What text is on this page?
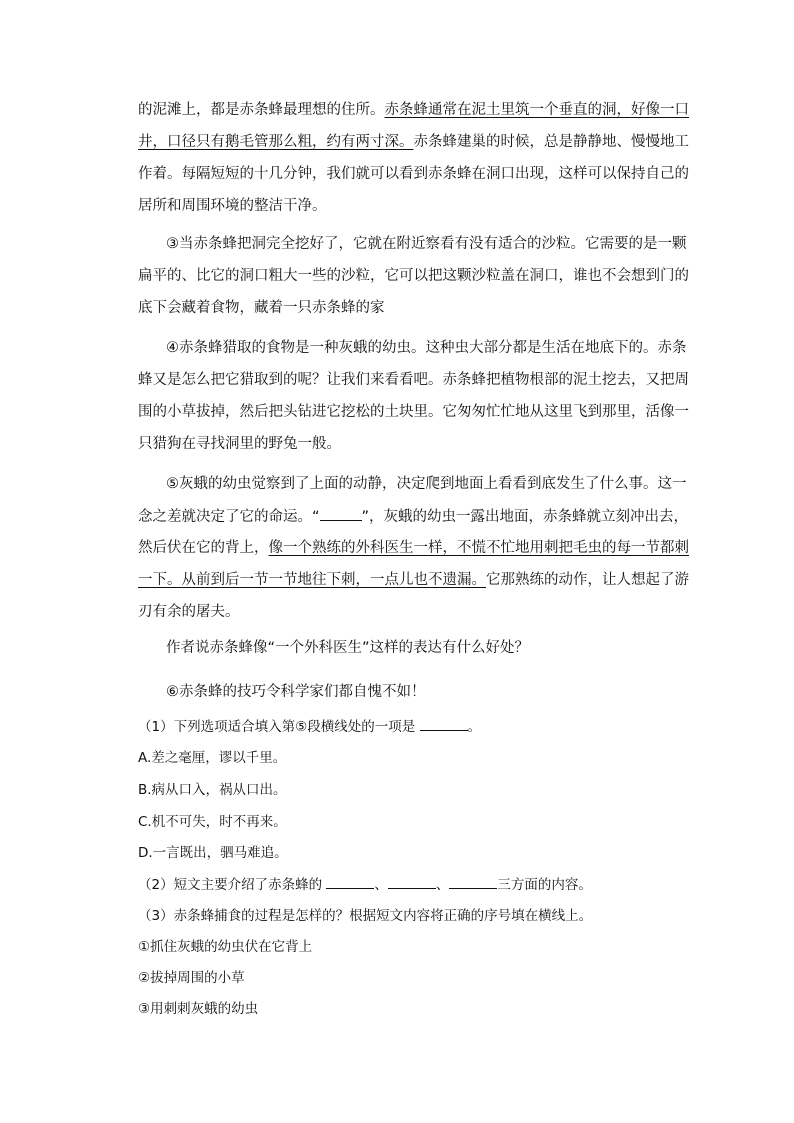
的泥滩上，都是赤条蜂最理想的住所。赤条蜂通常在泥土里筑一个垂直的洞，好像一口
井，口径只有鹅毛管那么粗，约有两寸深。赤条蜂建巢的时候，总是静静地、慢慢地工
作着。每隔短短的十几分钟，我们就可以看到赤条蜂在洞口出现，这样可以保持自己的
居所和周围环境的整洁干净。
③当赤条蜂把洞完全挖好了，它就在附近察看有没有适合的沙粒。它需要的是一颗
扁平的、比它的洞口粗大一些的沙粒，它可以把这颗沙粒盖在洞口，谁也不会想到门的
底下会藏着食物，藏着一只赤条蜂的家
④赤条蜂猎取的食物是一种灰蛾的幼虫。这种虫大部分都是生活在地底下的。赤条
蜂又是怎么把它猎取到的呢？让我们来看看吧。赤条蜂把植物根部的泥土挖去，又把周
围的小草拔掉，然后把头钻进它挖松的土块里。它匆匆忙忙地从这里飞到那里，活像一
只猎狗在寻找洞里的野兔一般。
⑤灰蛾的幼虫觉察到了上面的动静，决定爬到地面上看看到底发生了什么事。这一
念之差就决定了它的命运。“	”，灰蛾的幼虫一露出地面，赤条蜂就立刻冲出去，
然后伏在它的背上，像一个熟练的外科医生一样，不慌不忙地用刺把毛虫的每一节都刺
一下。从前到后一节一节地往下刺，一点儿也不遗漏。它那熟练的动作，让人想起了游
刃有余的屠夫。
作者说赤条蜂像“一个外科医生”这样的表达有什么好处？
⑥赤条蜂的技巧令科学家们都自愧不如！
（1）下列选项适合填入第⑤段横线处的一项是	。
A.差之毫厘，谬以千里。
B.病从口入，祸从口出。
C.机不可失，时不再来。
D.一言既出，驷马难追。
（2）短文主要介绍了赤条蜂的	、	、	三方面的内容。
（3）赤条蜂捕食的过程是怎样的？根据短文内容将正确的序号填在横线上。
①抓住灰蛾的幼虫伏在它背上
②拔掉周围的小草
③用刺刺灰蛾的幼虫
